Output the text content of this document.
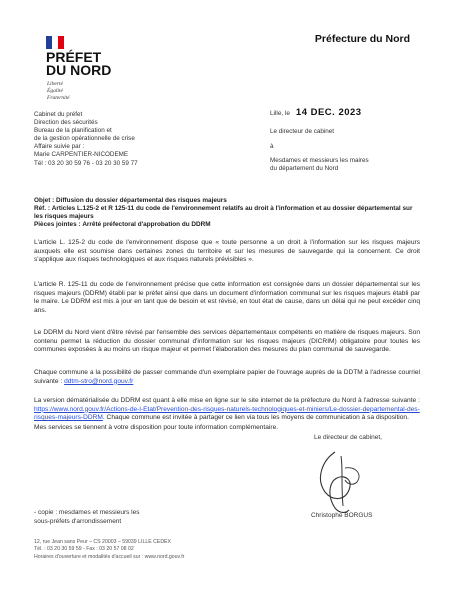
PRÉFET
DU NORD
Liberté
Égalité
Fraternité
Préfecture du Nord
Cabinet du préfet
Direction des sécurités
Bureau de la planification et
de la gestion opérationnelle de crise
Affaire suivie par :
Marie CARPENTIER-NICODEME
Tél : 03 20 30 59 76 - 03 20 30 59 77
Lille, le 14 DEC. 2023
Le directeur de cabinet
à
Mesdames et messieurs les maires
du département du Nord
Objet : Diffusion du dossier départemental des risques majeurs
Réf. : Articles L.125-2 et R 125-11 du code de l'environnement relatifs au droit à l'information et au dossier départemental sur les risques majeurs
Pièces jointes : Arrêté préfectoral d'approbation du DDRM
L'article L. 125-2 du code de l'environnement dispose que « toute personne a un droit à l'information sur les risques majeurs auxquels elle est soumise dans certaines zones du territoire et sur les mesures de sauvegarde qui la concernent. Ce droit s'applique aux risques technologiques et aux risques naturels prévisibles ».
L'article R. 125-11 du code de l'environnement précise que cette information est consignée dans un dossier départemental sur les risques majeurs (DDRM) établi par le préfet ainsi que dans un document d'information communal sur les risques majeurs établi par le maire. Le DDRM est mis à jour en tant que de besoin et est révisé, en tout état de cause, dans un délai qui ne peut excéder cinq ans.
Le DDRM du Nord vient d'être révisé par l'ensemble des services départementaux compétents en matière de risques majeurs. Son contenu permet la réduction du dossier communal d'information sur les risques majeurs (DICRIM) obligatoire pour toutes les communes exposées à au moins un risque majeur et permet l'élaboration des mesures du plan communal de sauvegarde.
Chaque commune a la possibilité de passer commande d'un exemplaire papier de l'ouvrage auprès de la DDTM à l'adresse courriel suivante : ddtm-stro@nord.gouv.fr
La version dématérialisée du DDRM est quant à elle mise en ligne sur le site internet de la préfecture du Nord à l'adresse suivante : https://www.nord.gouv.fr/Actions-de-l-Etat/Prevention-des-risques-naturels-technologiques-et-miniers/Le-dossier-departemental-des-risques-majeurs-DDRM. Chaque commune est invitée à partager ce lien via tous les moyens de communication à sa disposition.
Mes services se tiennent à votre disposition pour toute information complémentaire.
Le directeur de cabinet,
Christophe BORGUS
- copie : mesdames et messieurs les
sous-préfets d'arrondissement
12, rue Jean sans Peur – CS 20003 – 59039 LILLE CEDEX
Tél. : 03 20 30 59 59 - Fax : 03 20 57 08 02
Horaires d'ouverture et modalités d'accueil sur : www.nord.gouv.fr
